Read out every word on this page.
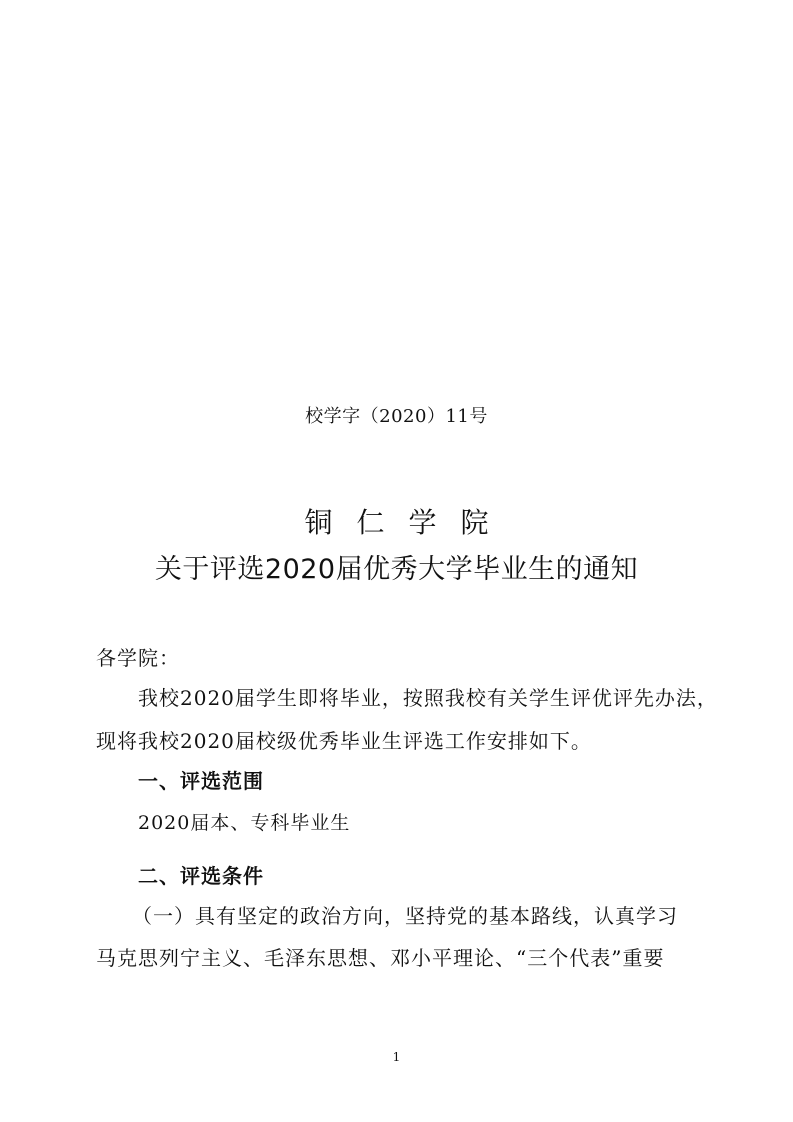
校学字（2020）11号
铜仁学院
关于评选2020届优秀大学毕业生的通知
各学院：
我校2020届学生即将毕业，按照我校有关学生评优评先办法，
现将我校2020届校级优秀毕业生评选工作安排如下。
一、评选范围
2020届本、专科毕业生
二、评选条件
（一）具有坚定的政治方向，坚持党的基本路线，认真学习
马克思列宁主义、毛泽东思想、邓小平理论、“三个代表”重要
1
